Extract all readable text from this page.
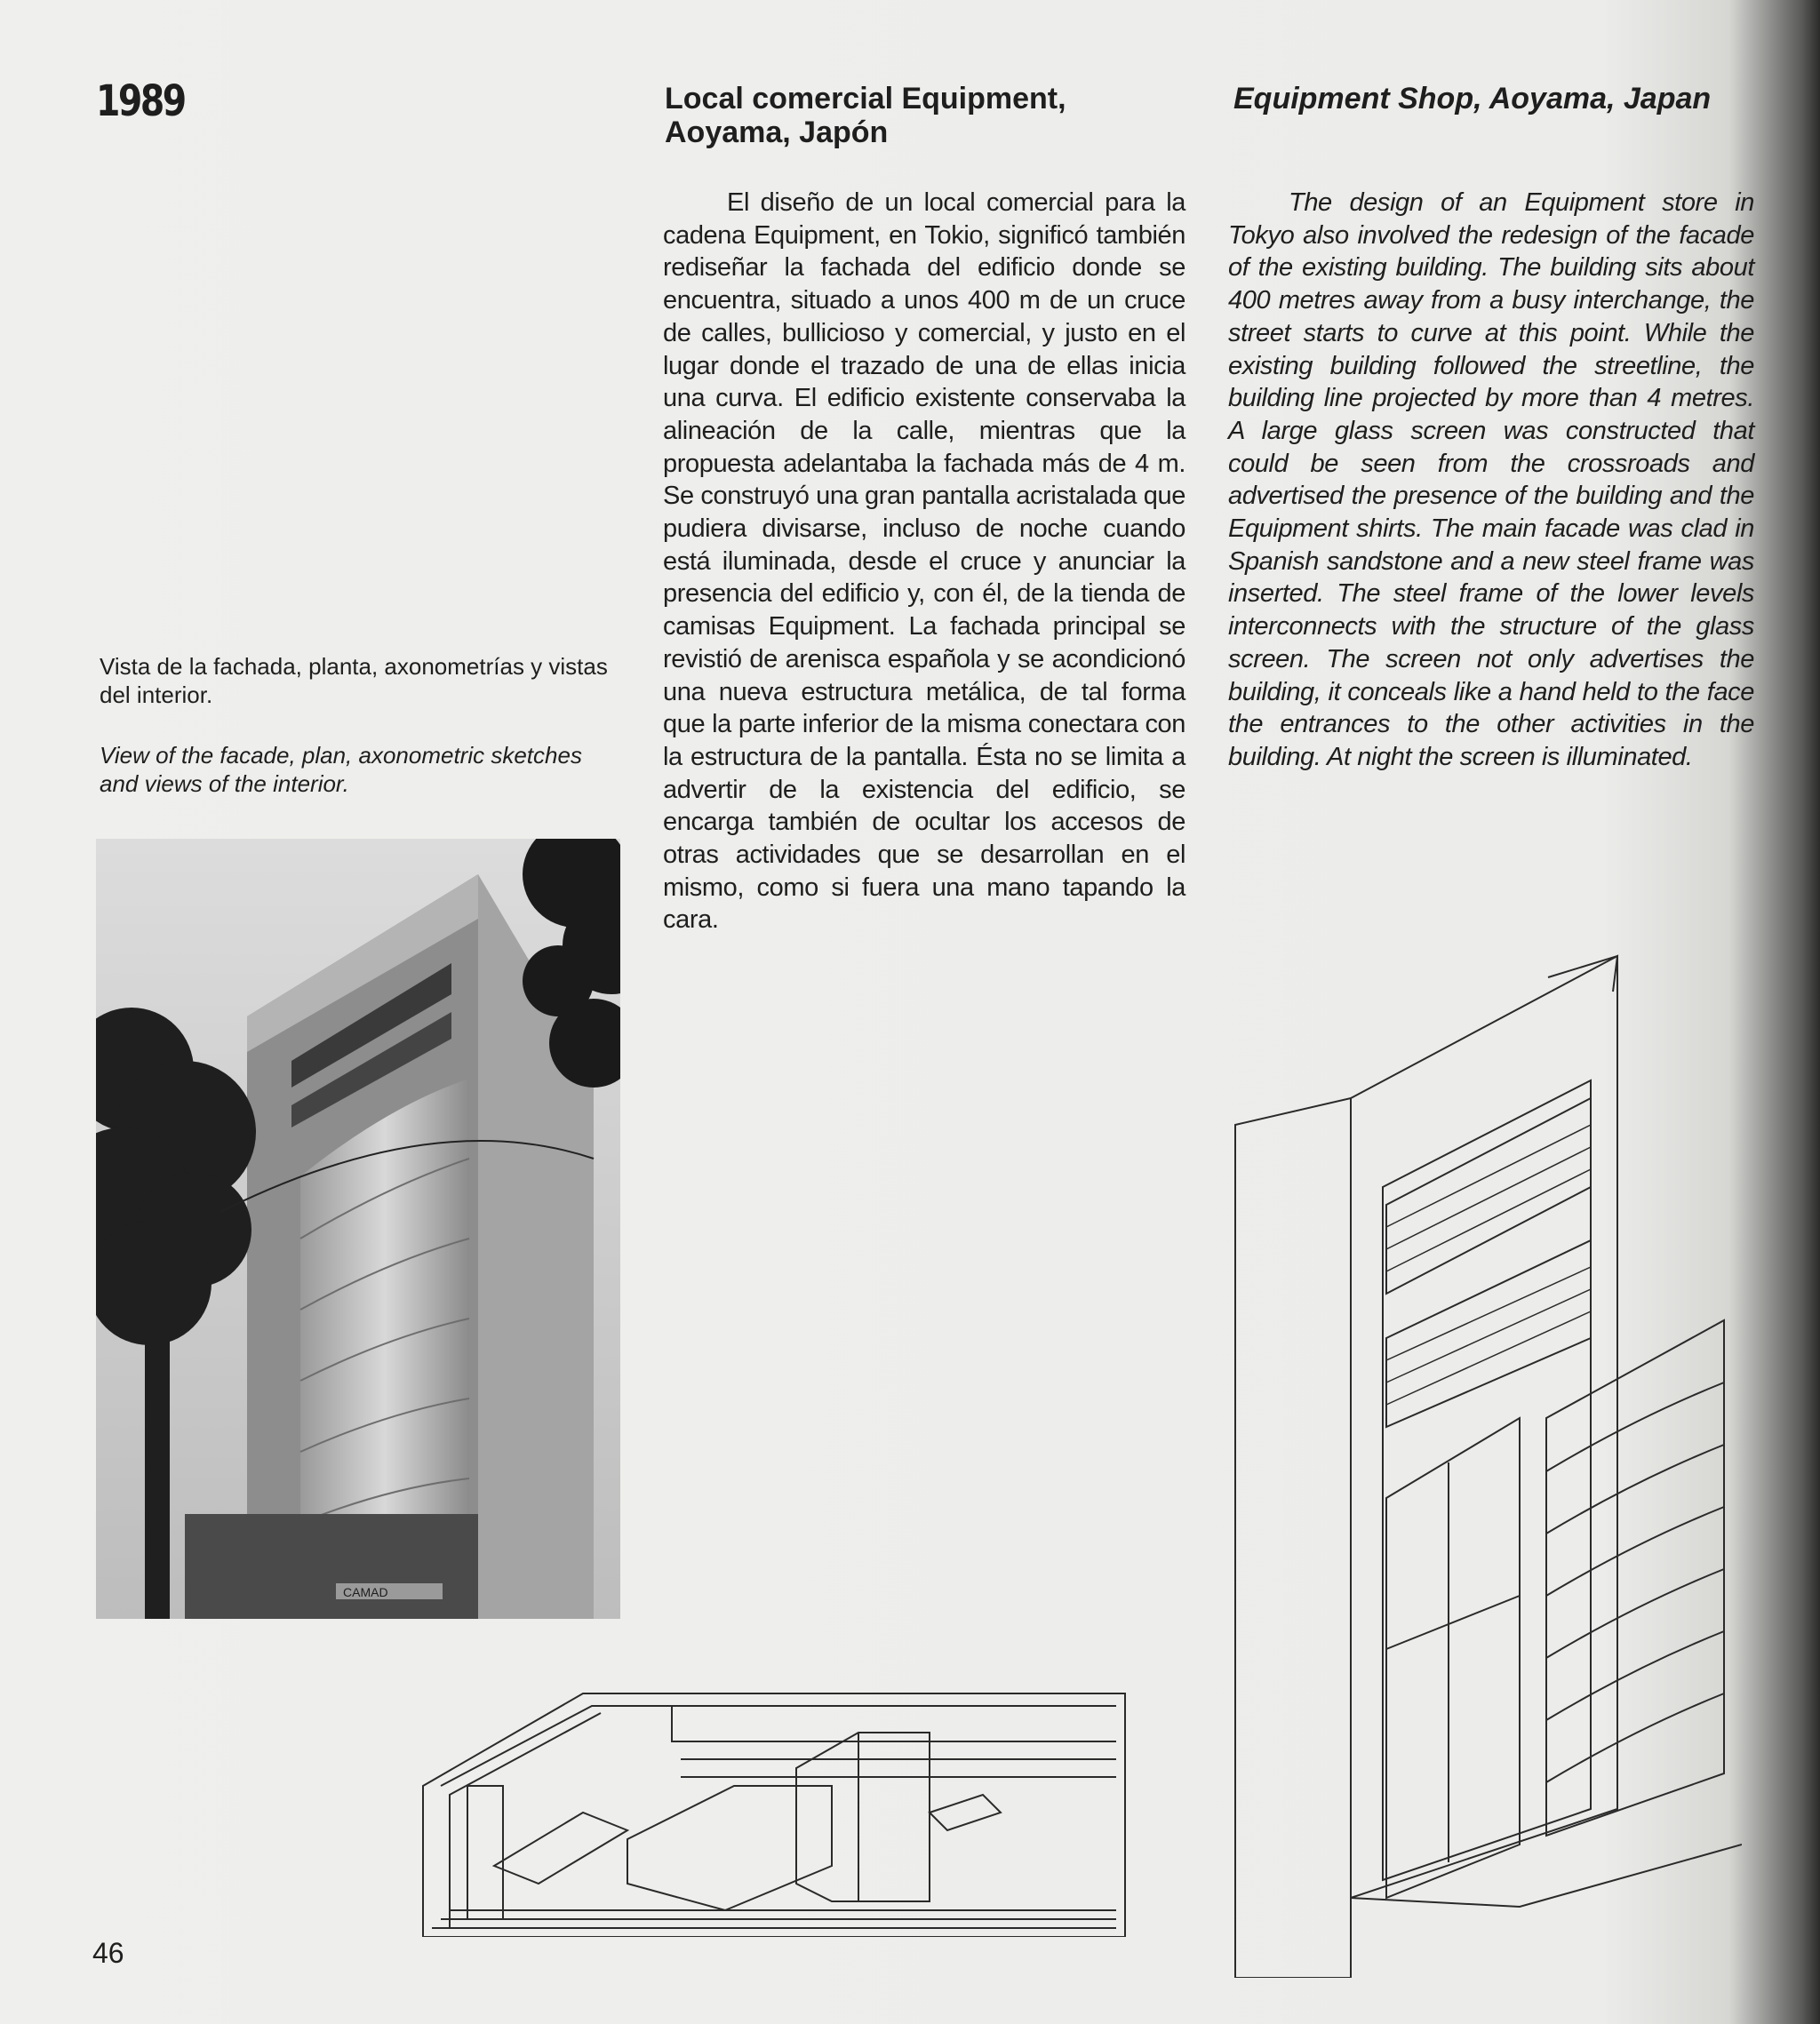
1989	Local comercial Equipment, Aoyama, Japón
Equipment Shop, Aoyama, Japan

El diseño de un local comercial para la cadena Equipment, en Tokio, significó también rediseñar la fachada del edificio donde se encuentra, situado a unos 400 m de un cruce de calles, bullicioso y comercial, y justo en el lugar donde el trazado de una de ellas inicia una curva. El edificio existente conservaba la alineación de la calle, mientras que la propuesta adelantaba la fachada más de 4 m. Se construyó una gran pantalla acristalada que pudiera divisarse, incluso de noche cuando está iluminada, desde el cruce y anunciar la presencia del edificio y, con él, de la tienda de camisas Equipment. La fachada principal se revistió de arenisca española y se acondicionó una nueva estructura metálica, de tal forma que la parte inferior de la misma conectara con la estructura de la pantalla. Ésta no se limita a advertir de la existencia del edificio, se encarga también de ocultar los accesos de otras actividades que se desarrollan en el mismo, como si fuera una mano tapando la cara.

The design of an Equipment store in Tokyo also involved the redesign of the facade of the existing building. The building sits about 400 metres away from a busy interchange, the street starts to curve at this point. While the existing building followed the streetline, the building line projected by more than 4 metres. A large glass screen was constructed that could be seen from the crossroads and advertised the presence of the building and the Equipment shirts. The main facade was clad in Spanish sandstone and a new steel frame was inserted. The steel frame of the lower levels interconnects with the structure of the glass screen. The screen not only advertises the building, it conceals like a hand held to the face the entrances to the other activities in the building. At night the screen is illuminated.

Vista de la fachada, planta, axonometrías y vistas del interior.

View of the facade, plan, axonometric sketches and views of the interior.

CAMAD
46
